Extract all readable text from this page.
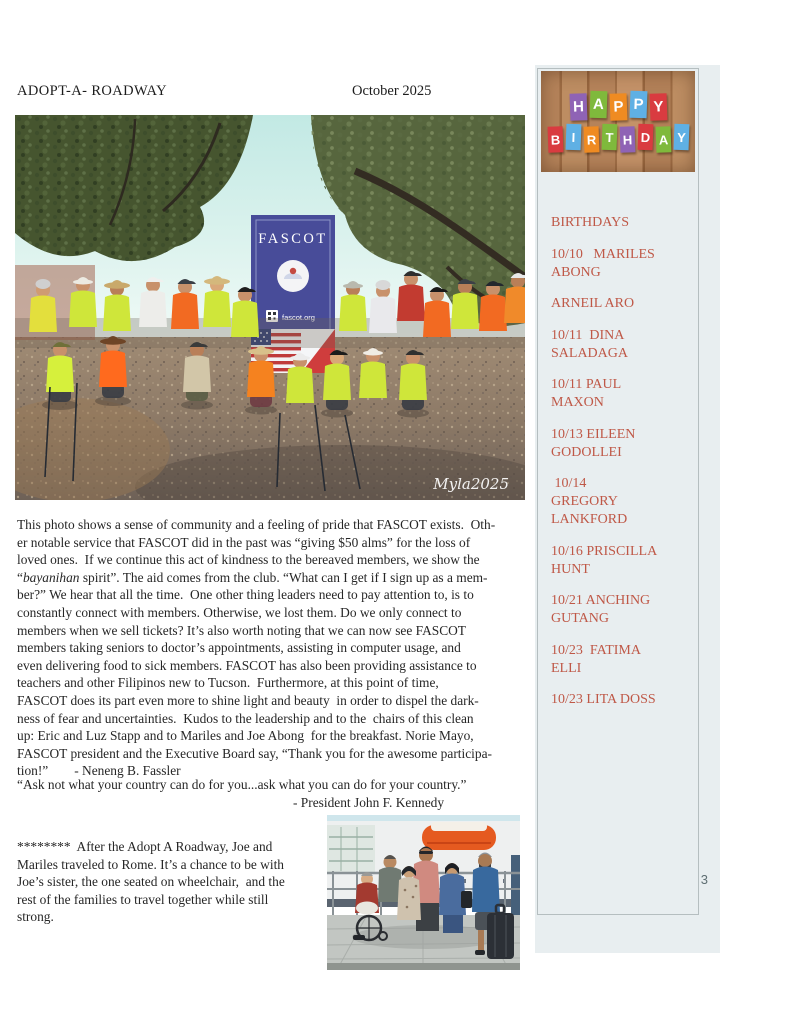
ADOPT-A- ROADWAY	October 2025
FASCOT
fascot.org
Myla2025
This photo shows a sense of community and a feeling of pride that FASCOT exists.  Oth-
er notable service that FASCOT did in the past was “giving $50 alms” for the loss of
loved ones.  If we continue this act of kindness to the bereaved members, we show the
“bayanihan spirit”. The aid comes from the club. “What can I get if I sign up as a mem-
ber?” We hear that all the time.  One other thing leaders need to pay attention to, is to
constantly connect with members. Otherwise, we lost them. Do we only connect to
members when we sell tickets? It’s also worth noting that we can now see FASCOT
members taking seniors to doctor’s appointments, assisting in computer usage, and
even delivering food to sick members. FASCOT has also been providing assistance to
teachers and other Filipinos new to Tucson.  Furthermore, at this point of time,
FASCOT does its part even more to shine light and beauty  in order to dispel the dark-
ness of fear and uncertainties.  Kudos to the leadership and to the  chairs of this clean
up: Eric and Luz Stapp and to Mariles and Joe Abong  for the breakfast. Norie Mayo,
FASCOT president and the Executive Board say, “Thank you for the awesome participa-
tion!” - Neneng B. Fassler
“Ask not what your country can do for you...ask what you can do for your country.”
- President John F. Kennedy
********  After the Adopt A Roadway, Joe and
Mariles traveled to Rome. It’s a chance to be with
Joe’s sister, the one seated on wheelchair,  and the
rest of the families to travel together while still
strong.
H A P P Y
B I R T H D A Y
BIRTHDAYS
10/10   MARILES
ABONG
ARNEIL ARO
10/11  DINA
SALADAGA
10/11 PAUL
MAXON
10/13 EILEEN
GODOLLEI
10/14
GREGORY
LANKFORD
10/16 PRISCILLA
HUNT
10/21 ANCHING
GUTANG
10/23  FATIMA
ELLI
10/23 LITA DOSS
3
